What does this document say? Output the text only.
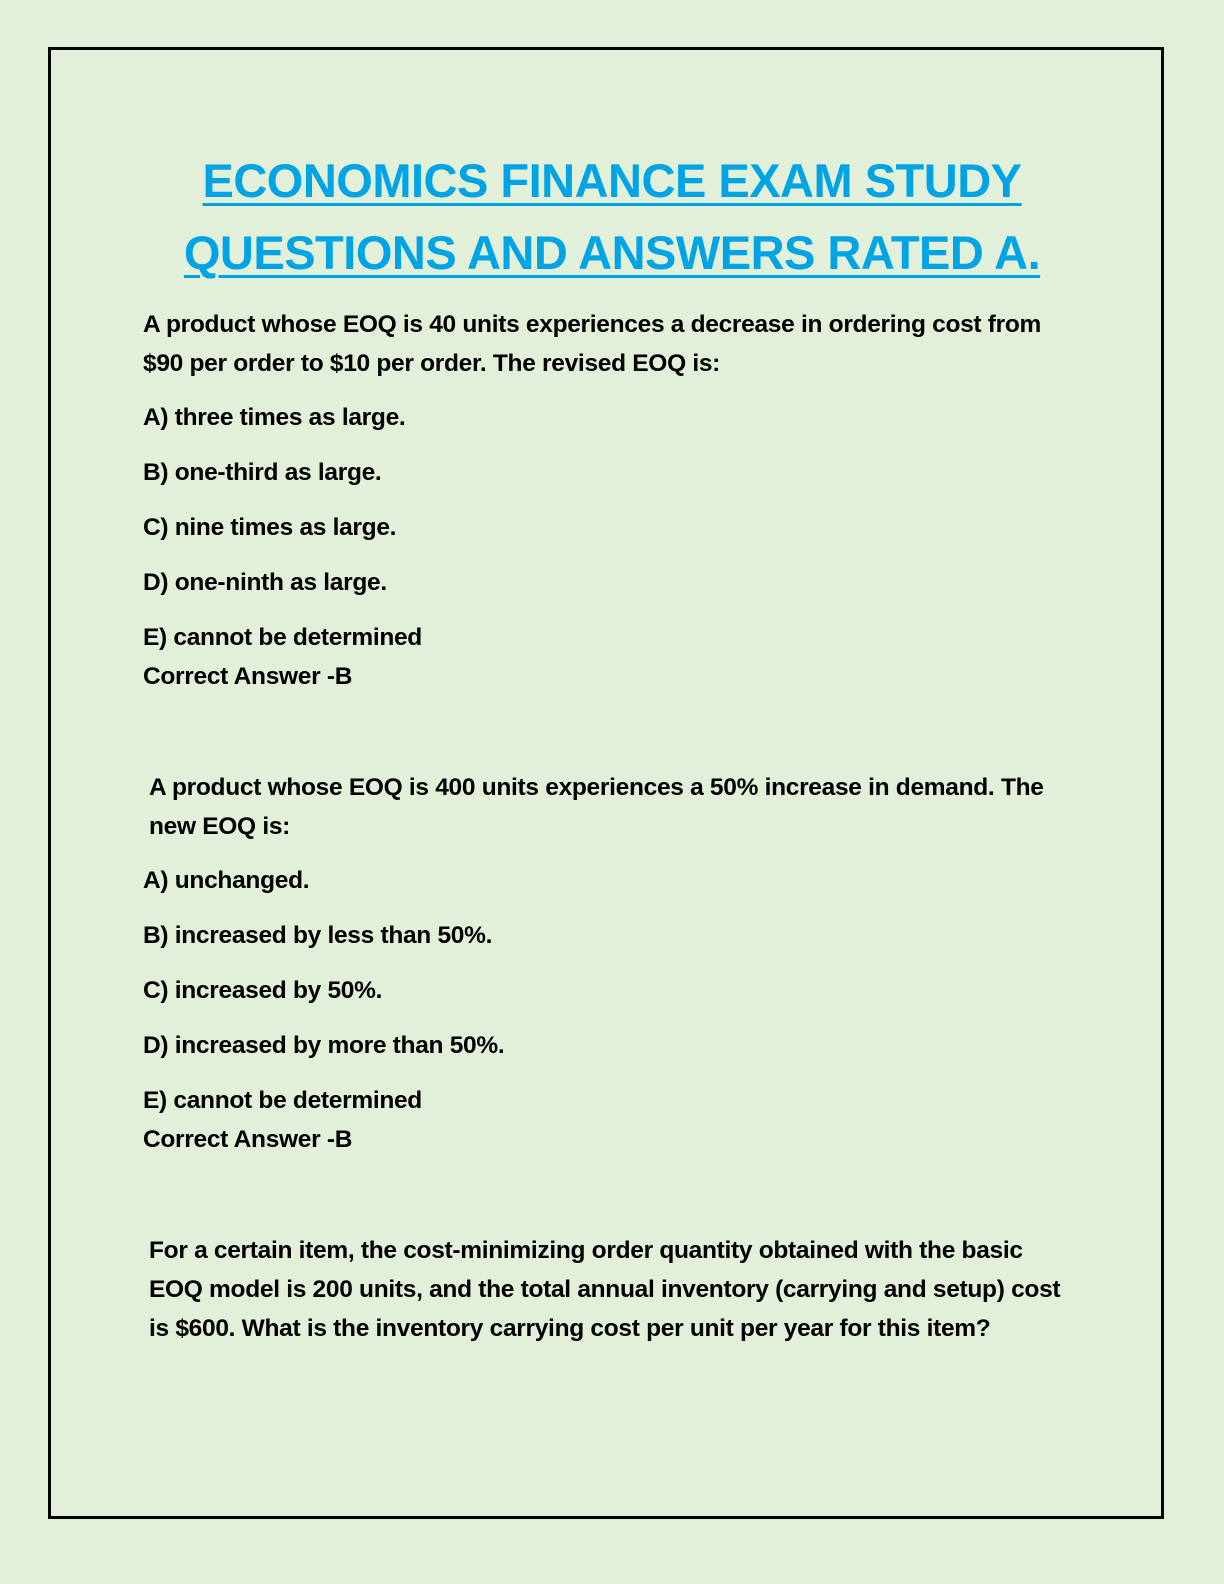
ECONOMICS FINANCE EXAM STUDY QUESTIONS AND ANSWERS RATED A.

A product whose EOQ is 40 units experiences a decrease in ordering cost from $90 per order to $10 per order. The revised EOQ is:

A) three times as large.

B) one-third as large.

C) nine times as large.

D) one-ninth as large.

E) cannot be determined

Correct Answer -B

A product whose EOQ is 400 units experiences a 50% increase in demand. The new EOQ is:

A) unchanged.

B) increased by less than 50%.

C) increased by 50%.

D) increased by more than 50%.

E) cannot be determined

Correct Answer -B

For a certain item, the cost-minimizing order quantity obtained with the basic EOQ model is 200 units, and the total annual inventory (carrying and setup) cost is $600. What is the inventory carrying cost per unit per year for this item?
